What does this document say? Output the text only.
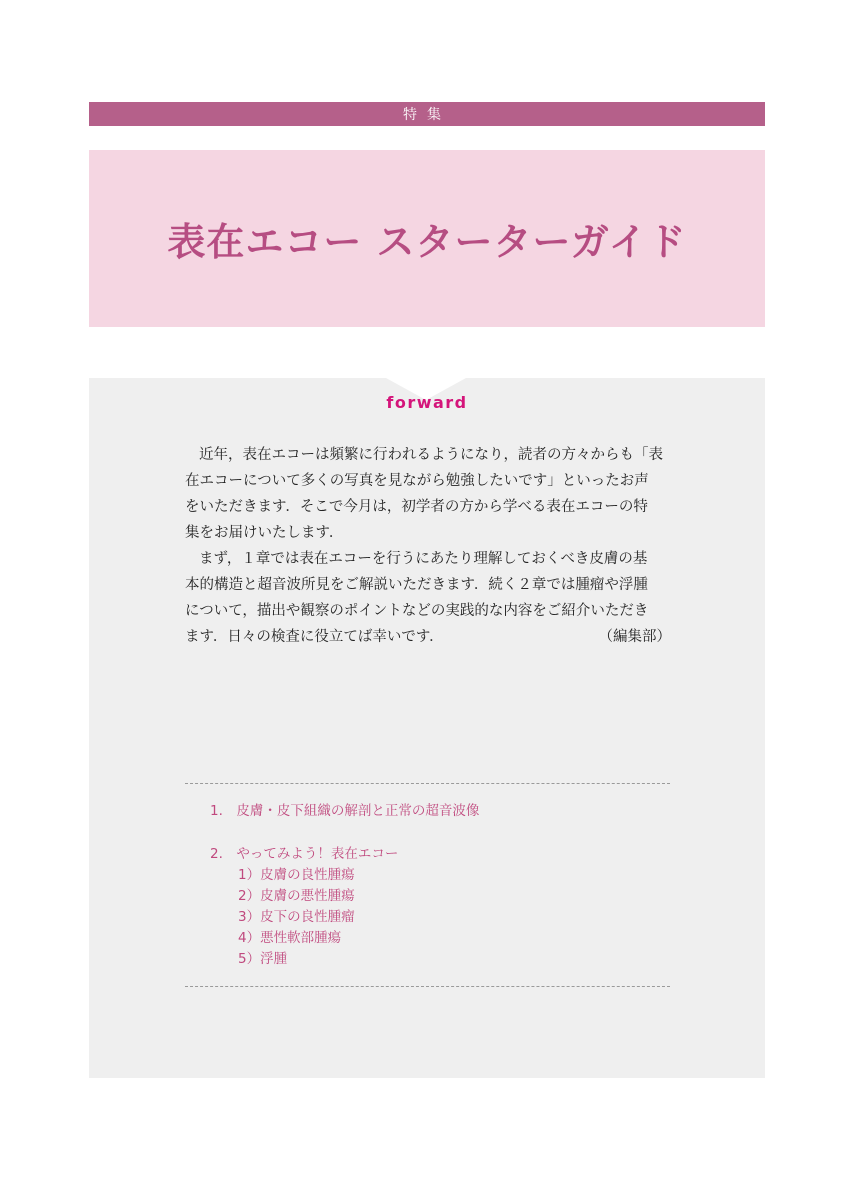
特集
表在エコー スターターガイド
forward
近年，表在エコーは頻繁に行われるようになり，読者の方々からも「表
在エコーについて多くの写真を見ながら勉強したいです」といったお声
をいただきます．そこで今月は，初学者の方から学べる表在エコーの特
集をお届けいたします．
まず，１章では表在エコーを行うにあたり理解しておくべき皮膚の基
本的構造と超音波所見をご解説いただきます．続く２章では腫瘤や浮腫
について，描出や観察のポイントなどの実践的な内容をご紹介いただき
ます．日々の検査に役立てば幸いです．	（編集部）
1.　皮膚・皮下組織の解剖と正常の超音波像
2.　やってみよう！表在エコー
1）皮膚の良性腫瘍
2）皮膚の悪性腫瘍
3）皮下の良性腫瘤
4）悪性軟部腫瘍
5）浮腫
